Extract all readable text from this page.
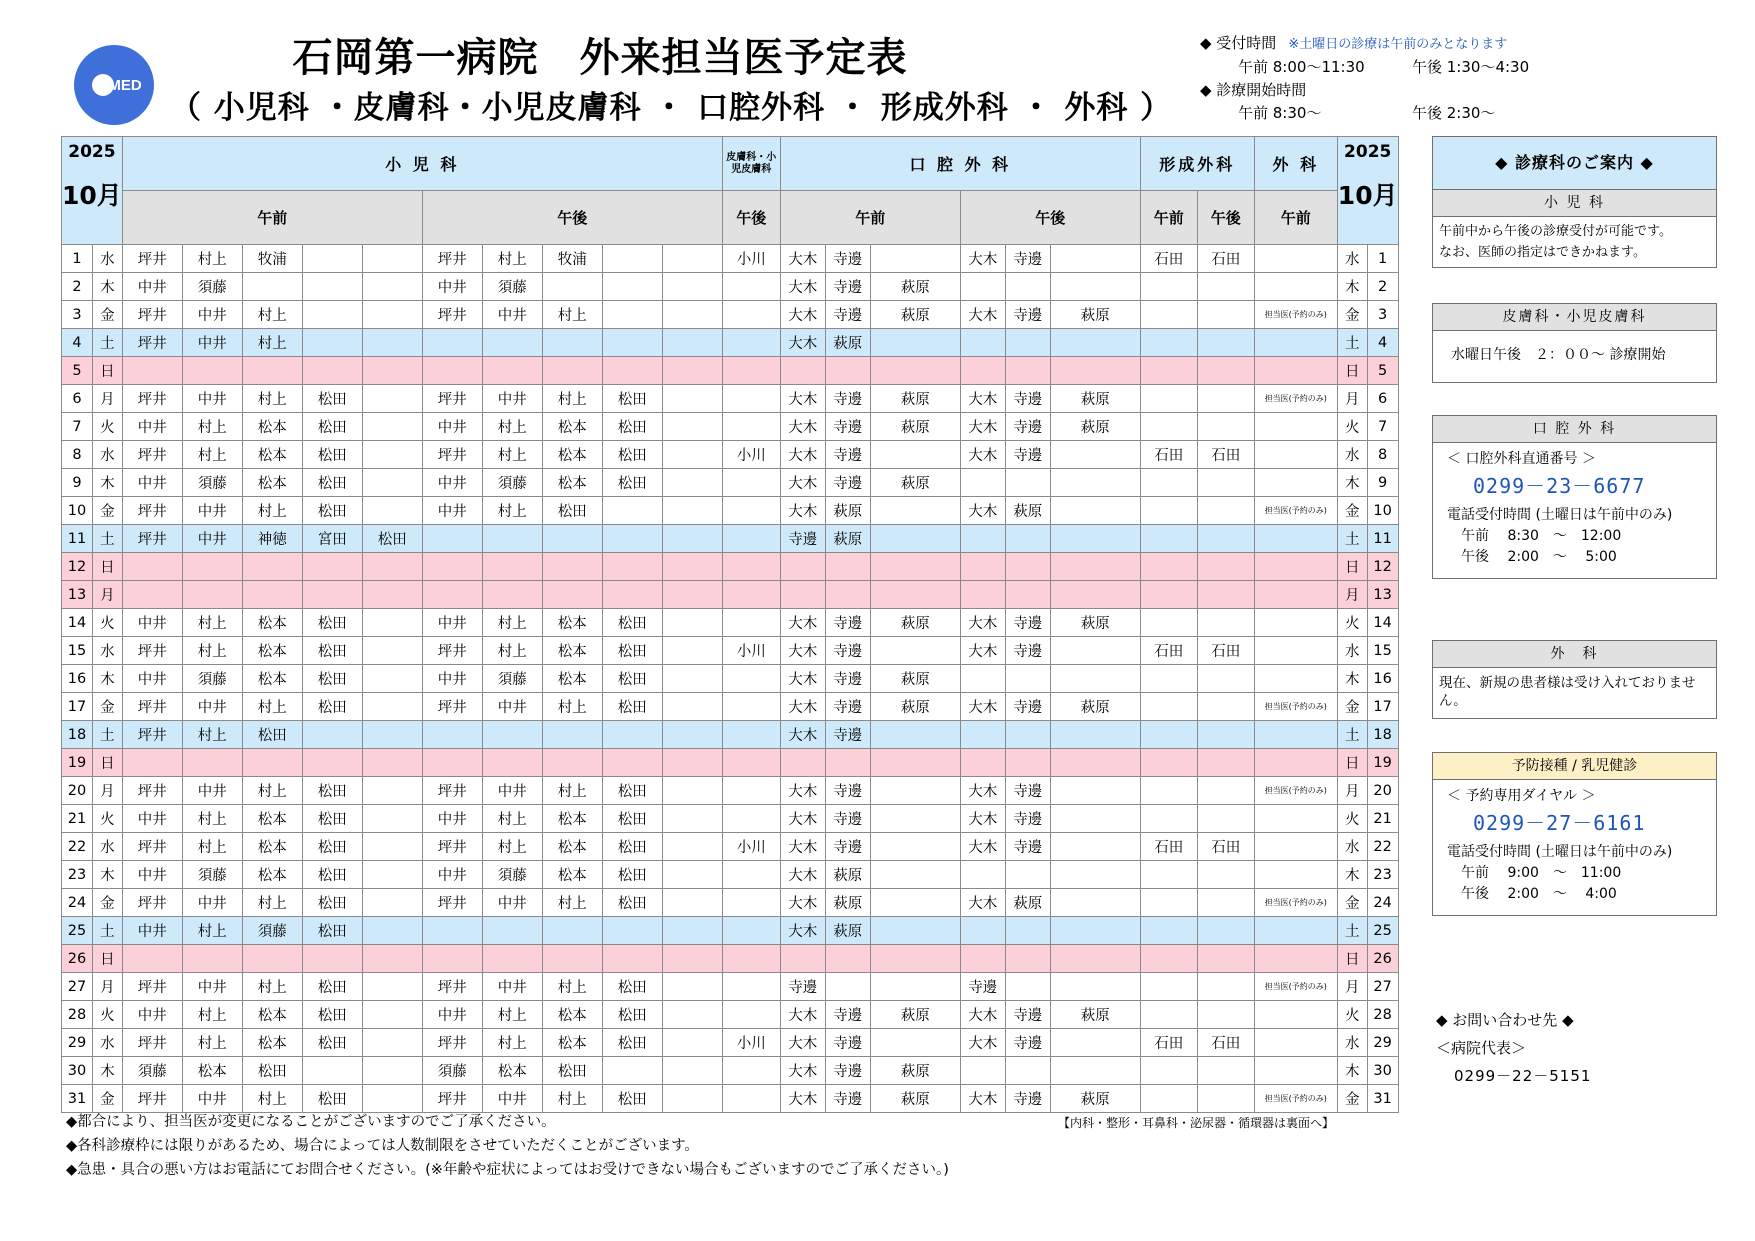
MED
石岡第一病院　外来担当医予定表
（ 小児科 ・皮膚科・小児皮膚科 ・ 口腔外科 ・ 形成外科 ・ 外科 ）
◆ 受付時間 ※土曜日の診療は午前のみとなります
午前 8:00～11:30	午後 1:30～4:30
◆ 診療開始時間
午前 8:30～	午後 2:30～
2025
10月		小 児 科										皮膚科・小児皮膚科	口 腔 外 科						形成外科		外 科	2025
10月	

		午前					午後					午後	午前			午後			午前	午後	午前		
1	水	坪井	村上	牧浦			坪井	村上	牧浦			小川	大木	寺邊		大木	寺邊		石田	石田		水	1
2	木	中井	須藤				中井	須藤					大木	寺邊	萩原							木	2
3	金	坪井	中井	村上			坪井	中井	村上				大木	寺邊	萩原	大木	寺邊	萩原			担当医(予約のみ)	金	3
4	土	坪井	中井	村上									大木	萩原								土	4
5	日																					日	5
6	月	坪井	中井	村上	松田		坪井	中井	村上	松田			大木	寺邊	萩原	大木	寺邊	萩原			担当医(予約のみ)	月	6
7	火	中井	村上	松本	松田		中井	村上	松本	松田			大木	寺邊	萩原	大木	寺邊	萩原				火	7
8	水	坪井	村上	松本	松田		坪井	村上	松本	松田		小川	大木	寺邊		大木	寺邊		石田	石田		水	8
9	木	中井	須藤	松本	松田		中井	須藤	松本	松田			大木	寺邊	萩原							木	9
10	金	坪井	中井	村上	松田		中井	村上	松田				大木	萩原		大木	萩原				担当医(予約のみ)	金	10
11	土	坪井	中井	神徳	宮田	松田							寺邊	萩原								土	11
12	日																					日	12
13	月																					月	13
14	火	中井	村上	松本	松田		中井	村上	松本	松田			大木	寺邊	萩原	大木	寺邊	萩原				火	14
15	水	坪井	村上	松本	松田		坪井	村上	松本	松田		小川	大木	寺邊		大木	寺邊		石田	石田		水	15
16	木	中井	須藤	松本	松田		中井	須藤	松本	松田			大木	寺邊	萩原							木	16
17	金	坪井	中井	村上	松田		坪井	中井	村上	松田			大木	寺邊	萩原	大木	寺邊	萩原			担当医(予約のみ)	金	17
18	土	坪井	村上	松田									大木	寺邊								土	18
19	日																					日	19
20	月	坪井	中井	村上	松田		坪井	中井	村上	松田			大木	寺邊		大木	寺邊				担当医(予約のみ)	月	20
21	火	中井	村上	松本	松田		中井	村上	松本	松田			大木	寺邊		大木	寺邊					火	21
22	水	坪井	村上	松本	松田		坪井	村上	松本	松田		小川	大木	寺邊		大木	寺邊		石田	石田		水	22
23	木	中井	須藤	松本	松田		中井	須藤	松本	松田			大木	萩原								木	23
24	金	坪井	中井	村上	松田		坪井	中井	村上	松田			大木	萩原		大木	萩原				担当医(予約のみ)	金	24
25	土	中井	村上	須藤	松田								大木	萩原								土	25
26	日																					日	26
27	月	坪井	中井	村上	松田		坪井	中井	村上	松田			寺邊			寺邊					担当医(予約のみ)	月	27
28	火	中井	村上	松本	松田		中井	村上	松本	松田			大木	寺邊	萩原	大木	寺邊	萩原				火	28
29	水	坪井	村上	松本	松田		坪井	村上	松本	松田		小川	大木	寺邊		大木	寺邊		石田	石田		水	29
30	木	須藤	松本	松田			須藤	松本	松田				大木	寺邊	萩原							木	30
31	金	坪井	中井	村上	松田		坪井	中井	村上	松田			大木	寺邊	萩原	大木	寺邊	萩原			担当医(予約のみ)	金	31
◆都合により、担当医が変更になることがございますのでご了承ください。
◆各科診療枠には限りがあるため、場合によっては人数制限をさせていただくことがございます。
◆急患・具合の悪い方はお電話にてお問合せください。(※年齢や症状によってはお受けできない場合もございますのでご了承ください。)
【内科・整形・耳鼻科・泌尿器・循環器は裏面へ】
◆ 診療科のご案内 ◆
小 児 科
午前中から午後の診療受付が可能です。
なお、医師の指定はできかねます。
皮膚科・小児皮膚科
水曜日午後　２：００～ 診療開始
口 腔 外 科
＜ 口腔外科直通番号 ＞
0299－23－6677
電話受付時間 (土曜日は午前中のみ)
午前　 8:30　～　12:00
午後　 2:00　～　 5:00
外　科
現在、新規の患者様は受け入れておりません。
予防接種 / 乳児健診
＜ 予約専用ダイヤル ＞
0299－27－6161
電話受付時間 (土曜日は午前中のみ)
午前　 9:00　～　11:00
午後　 2:00　～　 4:00
◆ お問い合わせ先 ◆
＜病院代表＞
0299－22－5151
